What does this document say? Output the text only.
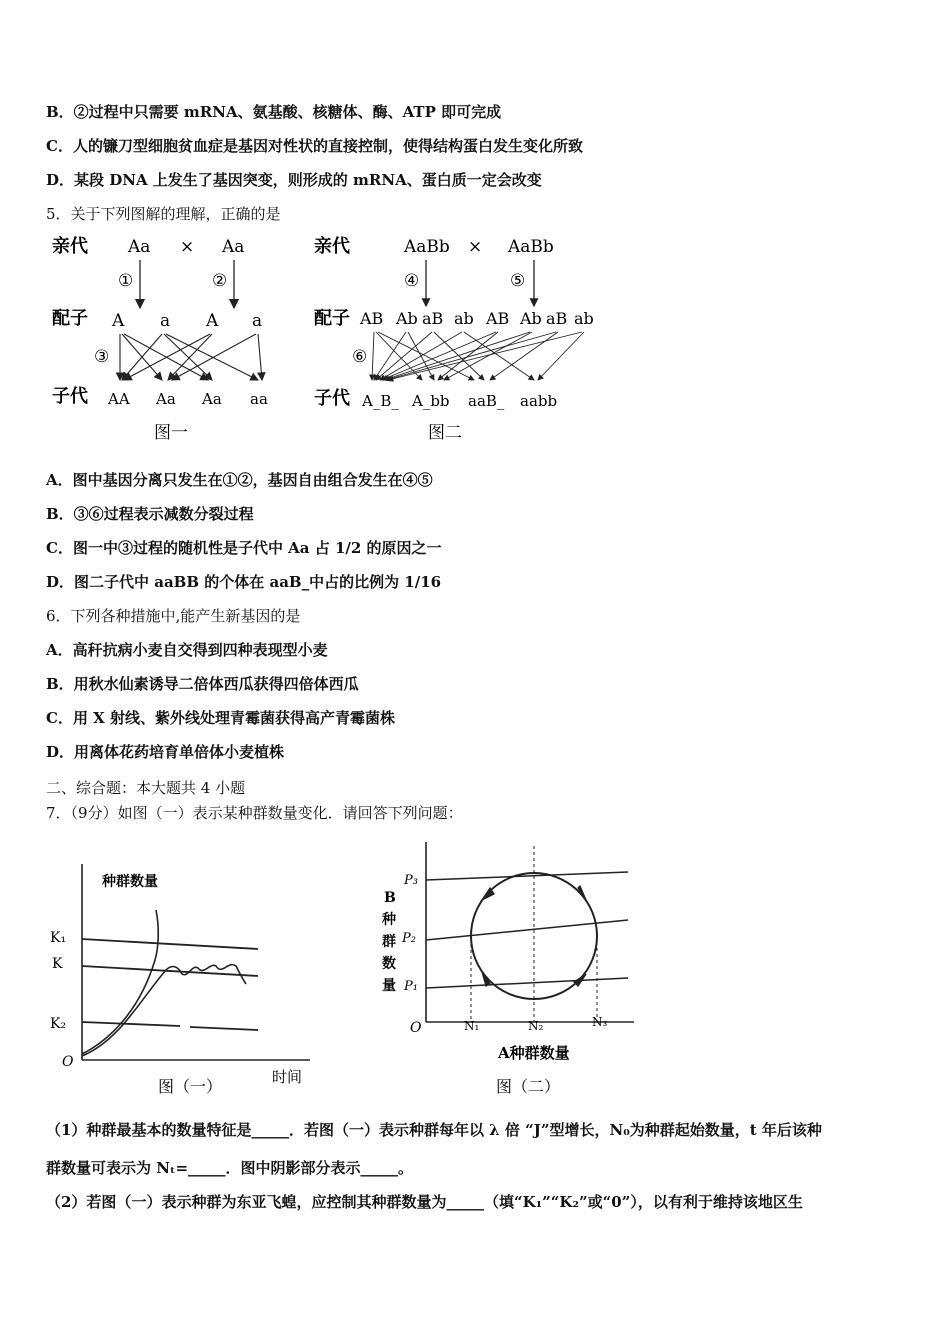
B．②过程中只需要 mRNA、氨基酸、核糖体、酶、ATP 即可完成
C．人的镰刀型细胞贫血症是基因对性状的直接控制，使得结构蛋白发生变化所致
D．某段 DNA 上发生了基因突变，则形成的 mRNA、蛋白质一定会改变
5．关于下列图解的理解，正确的是
亲代 Aa × Aa
①	②
配子 A a A a
③
子代 AA Aa Aa aa
图一
亲代	AaBb × AaBb
④	⑤
配子 AB Ab aB ab AB Ab aB ab
⑥
子代 A_B_ A_bb aaB_ aabb
图二
A．图中基因分离只发生在①②，基因自由组合发生在④⑤
B．③⑥过程表示减数分裂过程
C．图一中③过程的随机性是子代中 Aa 占 1/2 的原因之一
D．图二子代中 aaBB 的个体在 aaB_中占的比例为 1/16
6．下列各种措施中,能产生新基因的是
A．高秆抗病小麦自交得到四种表现型小麦
B．用秋水仙素诱导二倍体西瓜获得四倍体西瓜
C．用 X 射线、紫外线处理青霉菌获得高产青霉菌株
D．用离体花药培育单倍体小麦植株
二、综合题：本大题共 4 小题
7．（9分）如图（一）表示某种群数量变化．请回答下列问题：
种群数量
K₁
K
K₂
O
图（一）	时间
B
种
群
数
量
P₃
P₂
P₁
O	N₁	N₂	N₃
A种群数量
图（二）
（1）种群最基本的数量特征是_____．若图（一）表示种群每年以 λ 倍 “J”型增长，N₀为种群起始数量，t 年后该种
群数量可表示为 Nₜ=_____．图中阴影部分表示_____。
（2）若图（一）表示种群为东亚飞蝗，应控制其种群数量为_____（填“K₁”“K₂”或“0”），以有利于维持该地区生
